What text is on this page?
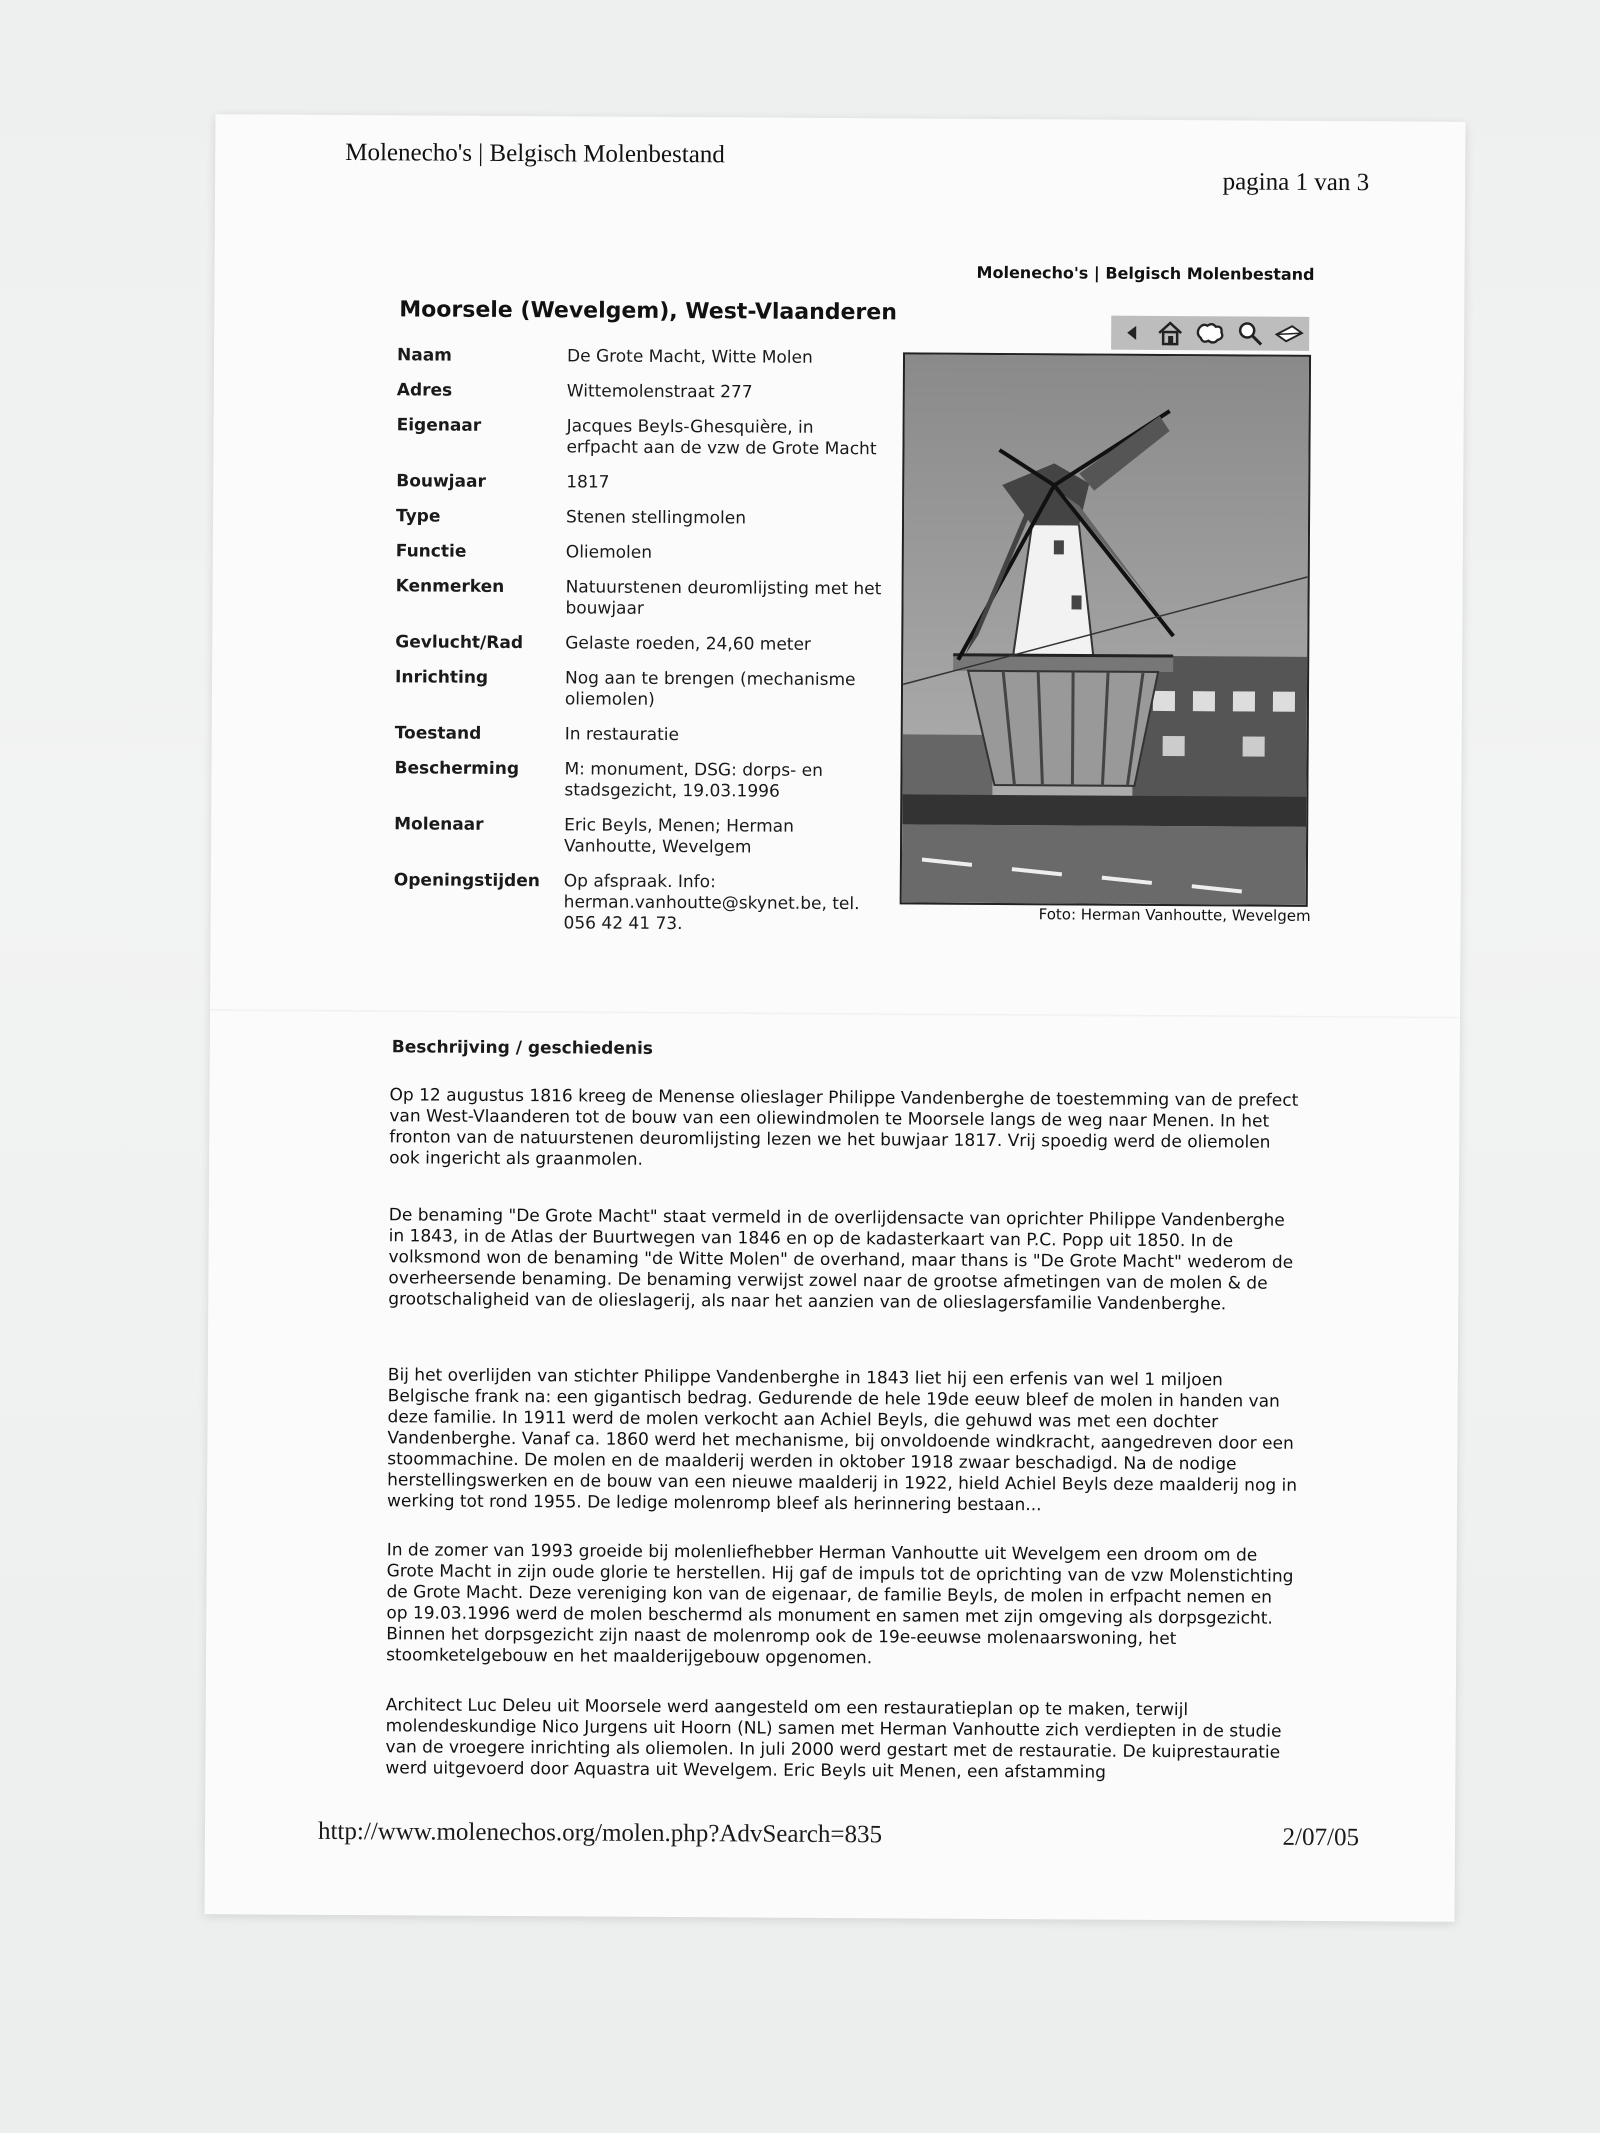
Molenecho's | Belgisch Molenbestand
pagina 1 van 3
Molenecho's | Belgisch Molenbestand
Moorsele (Wevelgem), West-Vlaanderen
Naam	De Grote Macht, Witte Molen
Adres	Wittemolenstraat 277
Eigenaar	Jacques Beyls-Ghesquière, in erfpacht aan de vzw de Grote Macht
Bouwjaar	1817
Type	Stenen stellingmolen
Functie	Oliemolen
Kenmerken	Natuurstenen deuromlijsting met het bouwjaar
Gevlucht/Rad	Gelaste roeden, 24,60 meter
Inrichting	Nog aan te brengen (mechanisme oliemolen)
Toestand	In restauratie
Bescherming	M: monument, DSG: dorps- en stadsgezicht, 19.03.1996
Molenaar	Eric Beyls, Menen; Herman Vanhoutte, Wevelgem
Openingstijden	Op afspraak. Info: herman.vanhoutte@skynet.be, tel. 056 42 41 73.	Foto: Herman Vanhoutte, Wevelgem
Beschrijving / geschiedenis

Op 12 augustus 1816 kreeg de Menense olieslager Philippe Vandenberghe de toestemming van de prefect van West-Vlaanderen tot de bouw van een oliewindmolen te Moorsele langs de weg naar Menen. In het fronton van de natuurstenen deuromlijsting lezen we het buwjaar 1817. Vrij spoedig werd de oliemolen ook ingericht als graanmolen.

De benaming "De Grote Macht" staat vermeld in de overlijdensacte van oprichter Philippe Vandenberghe in 1843, in de Atlas der Buurtwegen van 1846 en op de kadasterkaart van P.C. Popp uit 1850. In de volksmond won de benaming "de Witte Molen" de overhand, maar thans is "De Grote Macht" wederom de overheersende benaming. De benaming verwijst zowel naar de grootse afmetingen van de molen & de grootschaligheid van de olieslagerij, als naar het aanzien van de olieslagersfamilie Vandenberghe.

Bij het overlijden van stichter Philippe Vandenberghe in 1843 liet hij een erfenis van wel 1 miljoen Belgische frank na: een gigantisch bedrag. Gedurende de hele 19de eeuw bleef de molen in handen van deze familie. In 1911 werd de molen verkocht aan Achiel Beyls, die gehuwd was met een dochter Vandenberghe. Vanaf ca. 1860 werd het mechanisme, bij onvoldoende windkracht, aangedreven door een stoommachine. De molen en de maalderij werden in oktober 1918 zwaar beschadigd. Na de nodige herstellingswerken en de bouw van een nieuwe maalderij in 1922, hield Achiel Beyls deze maalderij nog in werking tot rond 1955. De ledige molenromp bleef als herinnering bestaan...

In de zomer van 1993 groeide bij molenliefhebber Herman Vanhoutte uit Wevelgem een droom om de Grote Macht in zijn oude glorie te herstellen. Hij gaf de impuls tot de oprichting van de vzw Molenstichting de Grote Macht. Deze vereniging kon van de eigenaar, de familie Beyls, de molen in erfpacht nemen en op 19.03.1996 werd de molen beschermd als monument en samen met zijn omgeving als dorpsgezicht. Binnen het dorpsgezicht zijn naast de molenromp ook de 19e-eeuwse molenaarswoning, het stoomketelgebouw en het maalderijgebouw opgenomen.

Architect Luc Deleu uit Moorsele werd aangesteld om een restauratieplan op te maken, terwijl molendeskundige Nico Jurgens uit Hoorn (NL) samen met Herman Vanhoutte zich verdiepten in de studie van de vroegere inrichting als oliemolen. In juli 2000 werd gestart met de restauratie. De kuiprestauratie werd uitgevoerd door Aquastra uit Wevelgem. Eric Beyls uit Menen, een afstamming

http://www.molenechos.org/molen.php?AdvSearch=835	2/07/05
